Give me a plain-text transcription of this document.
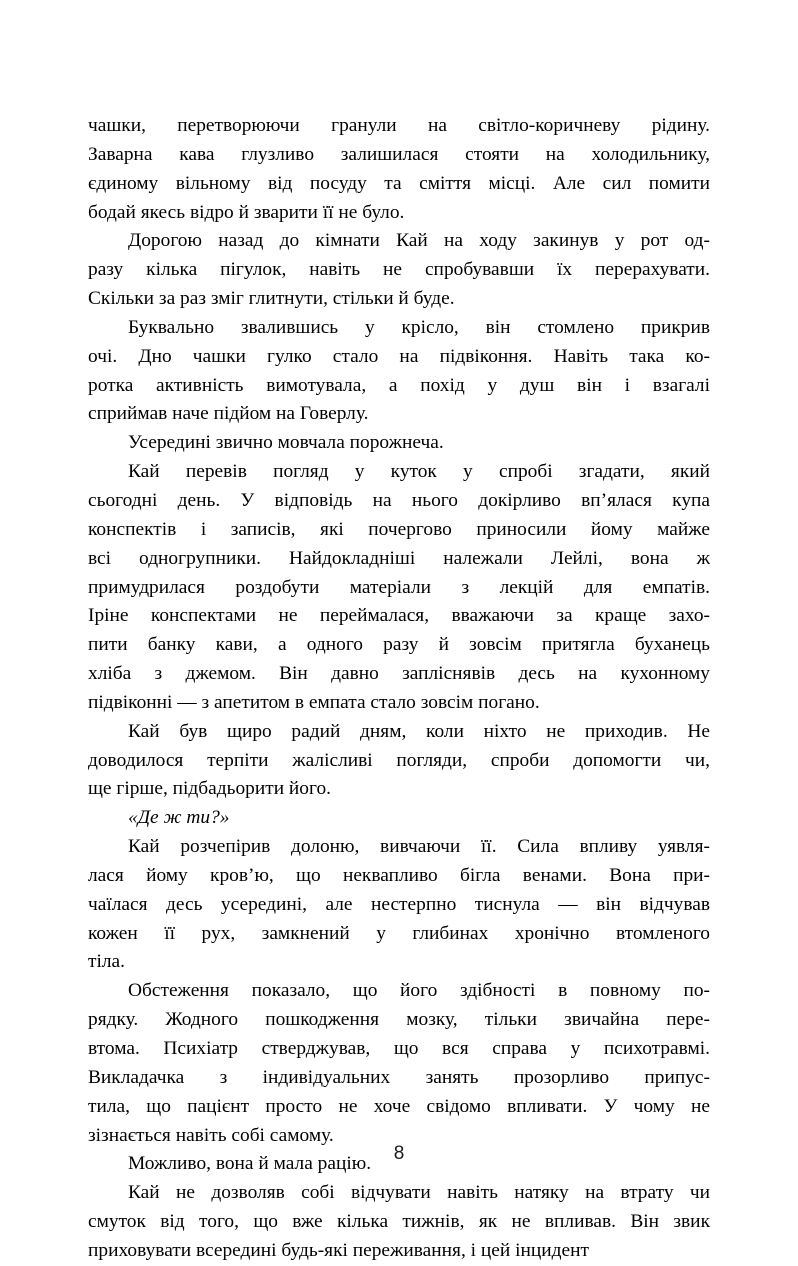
чашки, перетворюючи гранули на світло-коричневу рідину.
Заварна кава глузливо залишилася стояти на холодильнику,
єдиному вільному від посуду та сміття місці. Але сил помити
бодай якесь відро й зварити її не було.

Дорогою назад до кімнати Кай на ходу закинув у рот од-
разу кілька пігулок, навіть не спробувавши їх перерахувати.
Скільки за раз зміг глитнути, стільки й буде.

Буквально звалившись у крісло, він стомлено прикрив
очі. Дно чашки гулко стало на підвіконня. Навіть така ко-
ротка активність вимотувала, а похід у душ він і взагалі
сприймав наче підйом на Говерлу.

Усередині звично мовчала порожнеча.

Кай перевів погляд у куток у спробі згадати, який
сьогодні день. У відповідь на нього докірливо вп’ялася купа
конспектів і записів, які почергово приносили йому майже
всі одногрупники. Найдокладніші належали Лейлі, вона ж
примудрилася роздобути матеріали з лекцій для емпатів.
Іріне конспектами не переймалася, вважаючи за краще захо-
пити банку кави, а одного разу й зовсім притягла буханець
хліба з джемом. Він давно запліснявів десь на кухонному
підвіконні — з апетитом в емпата стало зовсім погано.

Кай був щиро радий дням, коли ніхто не приходив. Не
доводилося терпіти жалісливі погляди, спроби допомогти чи,
ще гірше, підбадьорити його.

«Де ж ти?»

Кай розчепірив долоню, вивчаючи її. Сила впливу уявля-
лася йому кров’ю, що неквапливо бігла венами. Вона при-
чаїлася десь усередині, але нестерпно тиснула — він відчував
кожен її рух, замкнений у глибинах хронічно втомленого
тіла.

Обстеження показало, що його здібності в повному по-
рядку. Жодного пошкодження мозку, тільки звичайна пере-
втома. Психіатр стверджував, що вся справа у психотравмі.
Викладачка з індивідуальних занять прозорливо припус-
тила, що пацієнт просто не хоче свідомо впливати. У чому не
зізнається навіть собі самому.

Можливо, вона й мала рацію.

Кай не дозволяв собі відчувати навіть натяку на втрату чи
смуток від того, що вже кілька тижнів, як не впливав. Він звик
приховувати всередині будь-які переживання, і цей інцидент

8
